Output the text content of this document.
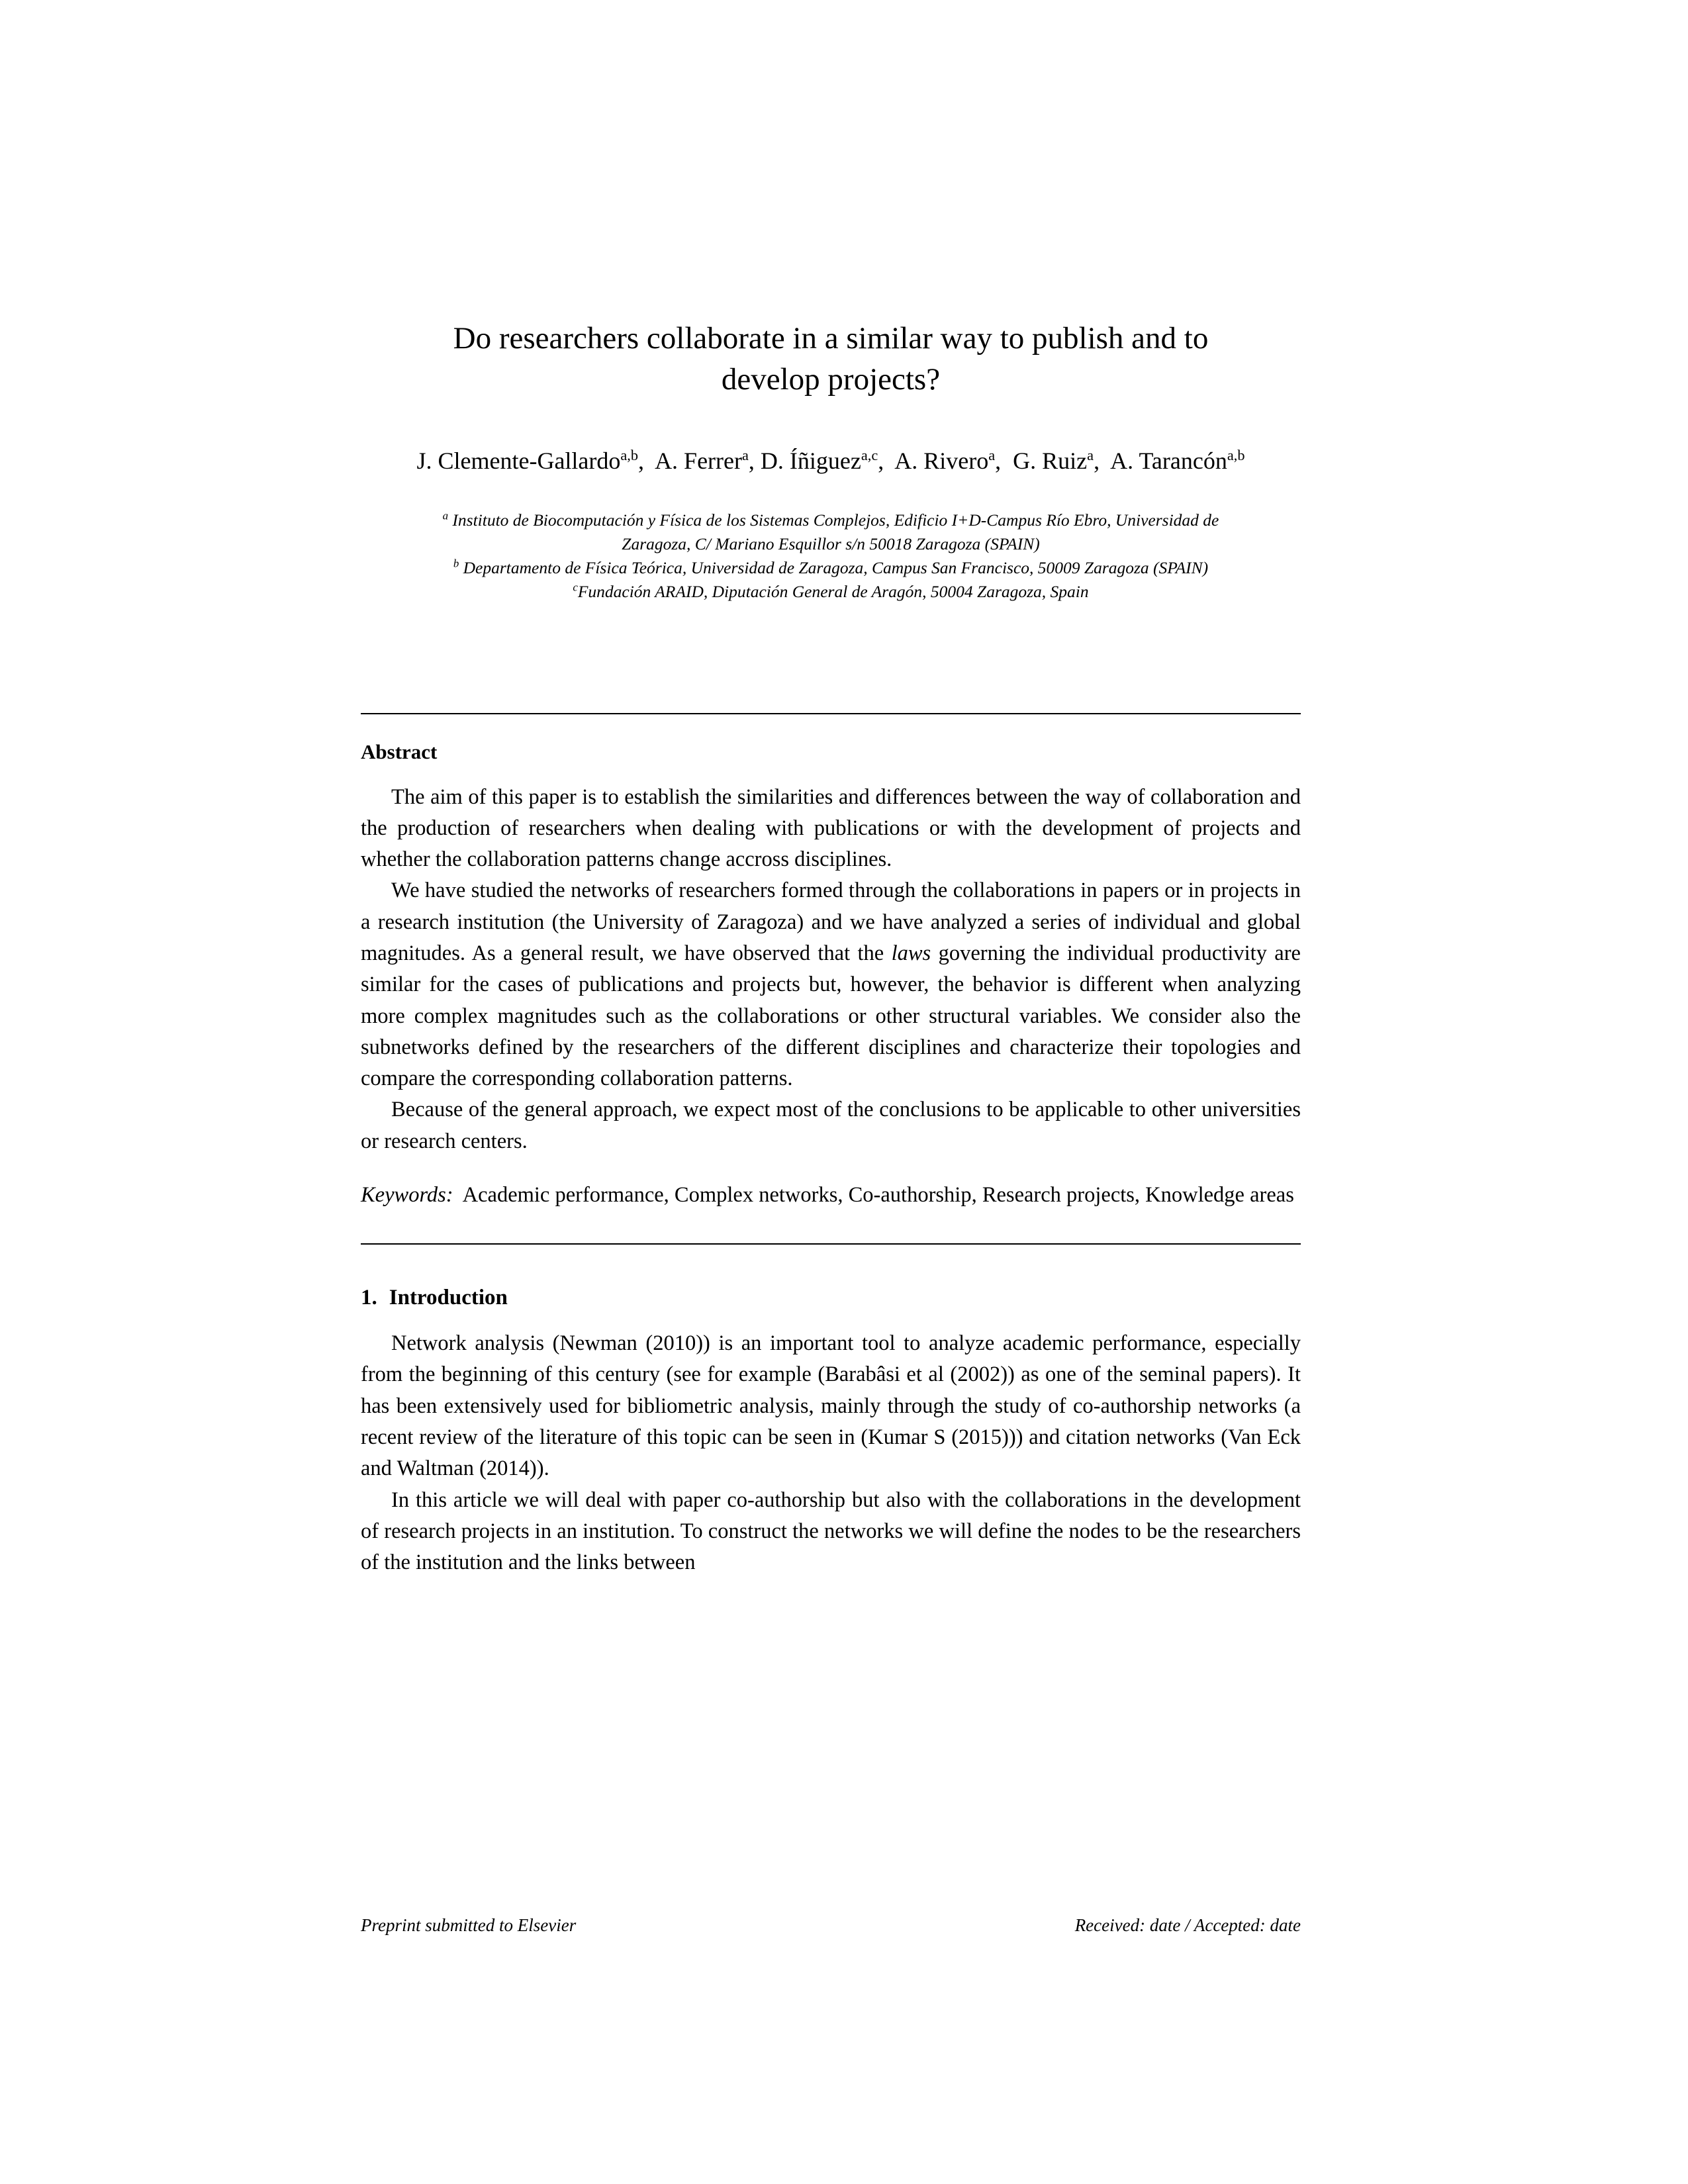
Do researchers collaborate in a similar way to publish and to develop projects?
J. Clemente-Gallardo$^{a,b}$,  A. Ferrer$^a$, D. Íñiguez$^{a,c}$,  A. Rivero$^a$,  G. Ruiz$^a$,  A. Tarancón$^{a,b}$
$^a$ Instituto de Biocomputación y Física de los Sistemas Complejos, Edificio I+D-Campus Río Ebro, Universidad de Zaragoza, C/ Mariano Esquillor s/n 50018 Zaragoza (SPAIN)
$^b$ Departamento de Física Teórica, Universidad de Zaragoza, Campus San Francisco, 50009 Zaragoza (SPAIN)
$^c$Fundación ARAID, Diputación General de Aragón, 50004 Zaragoza, Spain
Abstract

The aim of this paper is to establish the similarities and differences between the way of collaboration and the production of researchers when dealing with publications or with the development of projects and whether the collaboration patterns change accross disciplines.

We have studied the networks of researchers formed through the collaborations in papers or in projects in a research institution (the University of Zaragoza) and we have analyzed a series of individual and global magnitudes. As a general result, we have observed that the laws governing the individual productivity are similar for the cases of publications and projects but, however, the behavior is different when analyzing more complex magnitudes such as the collaborations or other structural variables. We consider also the subnetworks defined by the researchers of the different disciplines and characterize their topologies and compare the corresponding collaboration patterns.

Because of the general approach, we expect most of the conclusions to be applicable to other universities or research centers.

Keywords: Academic performance, Complex networks, Co-authorship, Research projects, Knowledge areas
1. Introduction

Network analysis (Newman (2010)) is an important tool to analyze academic performance, especially from the beginning of this century (see for example (Barabâsi et al (2002)) as one of the seminal papers). It has been extensively used for bibliometric analysis, mainly through the study of co-authorship networks (a recent review of the literature of this topic can be seen in (Kumar S (2015))) and citation networks (Van Eck and Waltman (2014)).

In this article we will deal with paper co-authorship but also with the collaborations in the development of research projects in an institution. To construct the networks we will define the nodes to be the researchers of the institution and the links between

Preprint submitted to Elsevier	Received: date / Accepted: date
